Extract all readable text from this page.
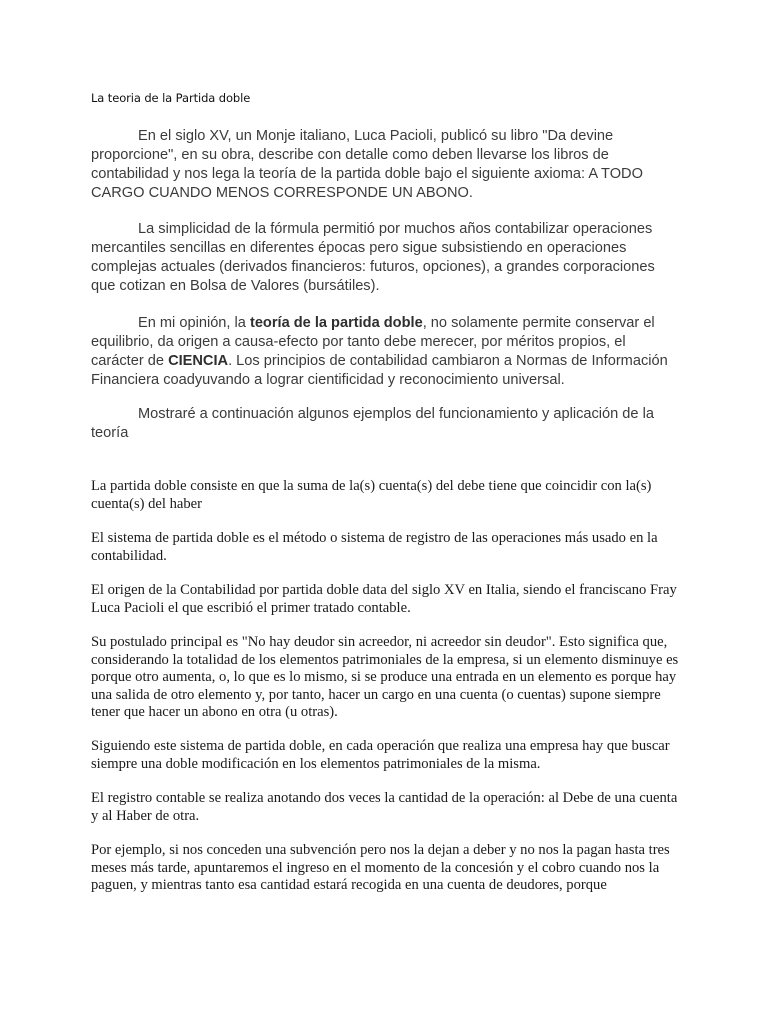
La teoria de la Partida doble
En el siglo XV, un Monje italiano, Luca Pacioli, publicó su libro "Da devine proporcione", en su obra, describe con detalle como deben llevarse los libros de contabilidad y nos lega la teoría de la partida doble bajo el siguiente axioma: A TODO CARGO CUANDO MENOS CORRESPONDE UN ABONO.
La simplicidad de la fórmula permitió por muchos años contabilizar operaciones mercantiles sencillas en diferentes épocas pero sigue subsistiendo en operaciones complejas actuales (derivados financieros: futuros, opciones), a grandes corporaciones que cotizan en Bolsa de Valores (bursátiles).
En mi opinión, la teoría de la partida doble, no solamente permite conservar el equilibrio, da origen a causa-efecto por tanto debe merecer, por méritos propios, el carácter de CIENCIA. Los principios de contabilidad cambiaron a Normas de Información Financiera coadyuvando a lograr cientificidad y reconocimiento universal.
Mostraré a continuación algunos ejemplos del funcionamiento y aplicación de la teoría
La partida doble consiste en que la suma de la(s) cuenta(s) del debe tiene que coincidir con la(s) cuenta(s) del haber
El sistema de partida doble es el método o sistema de registro de las operaciones más usado en la contabilidad.
El origen de la Contabilidad por partida doble data del siglo XV en Italia, siendo el franciscano Fray Luca Pacioli el que escribió el primer tratado contable.
Su postulado principal es "No hay deudor sin acreedor, ni acreedor sin deudor". Esto significa que, considerando la totalidad de los elementos patrimoniales de la empresa, si un elemento disminuye es porque otro aumenta, o, lo que es lo mismo, si se produce una entrada en un elemento es porque hay una salida de otro elemento y, por tanto, hacer un cargo en una cuenta (o cuentas) supone siempre tener que hacer un abono en otra (u otras).
Siguiendo este sistema de partida doble, en cada operación que realiza una empresa hay que buscar siempre una doble modificación en los elementos patrimoniales de la misma.
El registro contable se realiza anotando dos veces la cantidad de la operación: al Debe de una cuenta y al Haber de otra.
Por ejemplo, si nos conceden una subvención pero nos la dejan a deber y no nos la pagan hasta tres meses más tarde, apuntaremos el ingreso en el momento de la concesión y el cobro cuando nos la paguen, y mientras tanto esa cantidad estará recogida en una cuenta de deudores, porque
